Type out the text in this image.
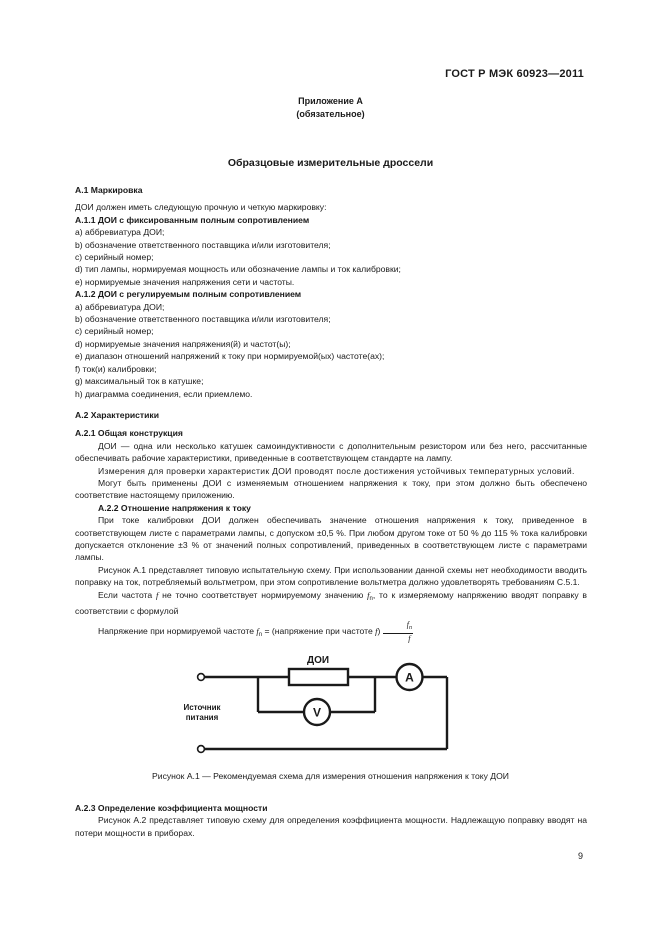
ГОСТ Р МЭК 60923—2011
Приложение А
(обязательное)
Образцовые измерительные дроссели

А.1 Маркировка

ДОИ должен иметь следующую прочную и четкую маркировку:

А.1.1 ДОИ с фиксированным полным сопротивлением

a) аббревиатура ДОИ;

b) обозначение ответственного поставщика и/или изготовителя;

c) серийный номер;

d) тип лампы, нормируемая мощность или обозначение лампы и ток калибровки;

e) нормируемые значения напряжения сети и частоты.

А.1.2 ДОИ с регулируемым полным сопротивлением

a) аббревиатура ДОИ;

b) обозначение ответственного поставщика и/или изготовителя;

c) серийный номер;

d) нормируемые значения напряжения(й) и частот(ы);

e) диапазон отношений напряжений к току при нормируемой(ых) частоте(ах);

f) ток(и) калибровки;

g) максимальный ток в катушке;

h) диаграмма соединения, если приемлемо.

А.2 Характеристики

А.2.1 Общая конструкция

ДОИ — одна или несколько катушек самоиндуктивности с дополнительным резистором или без него, рассчитанные обеспечивать рабочие характеристики, приведенные в соответствующем стандарте на лампу.

Измерения для проверки характеристик ДОИ проводят после достижения устойчивых температурных условий.

Могут быть применены ДОИ с изменяемым отношением напряжения к току, при этом должно быть обеспечено соответствие настоящему приложению.

А.2.2 Отношение напряжения к току

При токе калибровки ДОИ должен обеспечивать значение отношения напряжения к току, приведенное в соответствующем листе с параметрами лампы, с допуском ±0,5 %. При любом другом токе от 50 % до 115 % тока калибровки допускается отклонение ±3 % от значений полных сопротивлений, приведенных в соответствующем листе с параметрами лампы.

Рисунок А.1 представляет типовую испытательную схему. При использовании данной схемы нет необходимости вводить поправку на ток, потребляемый вольтметром, при этом сопротивление вольтметра должно удовлетворять требованиям С.5.1.

Если частота f не точно соответствует нормируемому значению $f_n$, то к измеряемому напряжению вводят поправку в соответствии с формулой

Напряжение при нормируемой частоте $f_n$ = (напряжение при частоте $f) \frac{f_n}{f}$

ДОИ
A
V
Источник
питания
Рисунок А.1 — Рекомендуемая схема для измерения отношения напряжения к току ДОИ

А.2.3 Определение коэффициента мощности

Рисунок А.2 представляет типовую схему для определения коэффициента мощности. Надлежащую поправку вводят на потери мощности в приборах.

9
